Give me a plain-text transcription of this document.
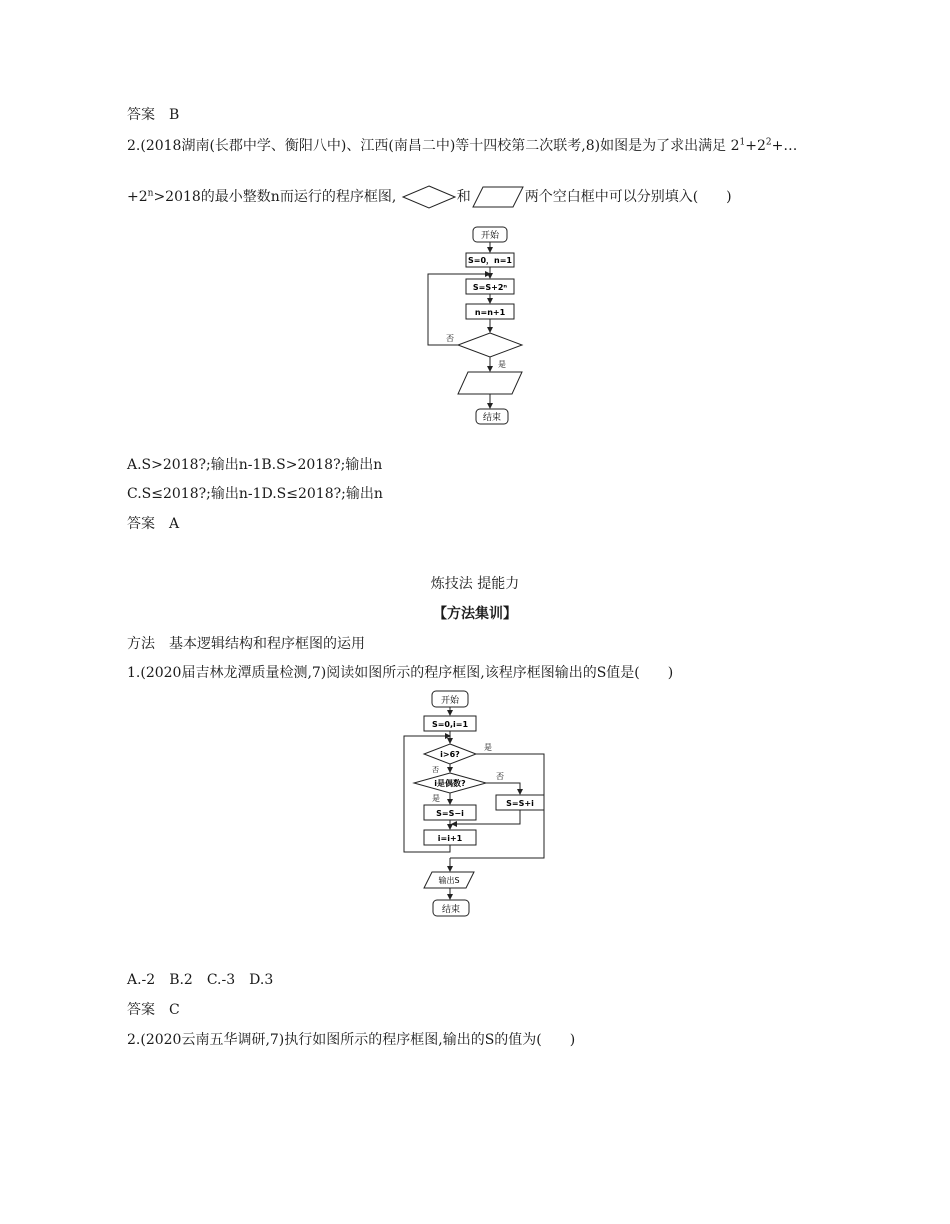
答案　 B
2.(2018湖南(长郡中学、衡阳八中)、江西(南昌二中)等十四校第二次联考,8)如图是为了求出满足 $2^1+2^2+\dots$
$+2^n>2018$的最小整数n而运行的程序框图,	和	两个空白框中可以分别填入(　　)
开始
S=0，n=1
S=S+2ⁿ
n=n+1
否
是
结束
A.S>2018?;输出n-1B.S>2018?;输出n
C.S≤2018?;输出n-1D.S≤2018?;输出n
答案　 A
炼技法 提能力
【方法集训】
方法　基本逻辑结构和程序框图的运用
1.(2020届吉林龙潭质量检测,7)阅读如图所示的程序框图,该程序框图输出的S值是(　　)
开始
S=0,i=1
i>6?
是
否
i是偶数?
否
S=S+i
是
S=S−i
i=i+1
输出S
结束
A.-2　B.2　C.-3　D.3
答案　 C
2.(2020云南五华调研,7)执行如图所示的程序框图,输出的S的值为(　　)
